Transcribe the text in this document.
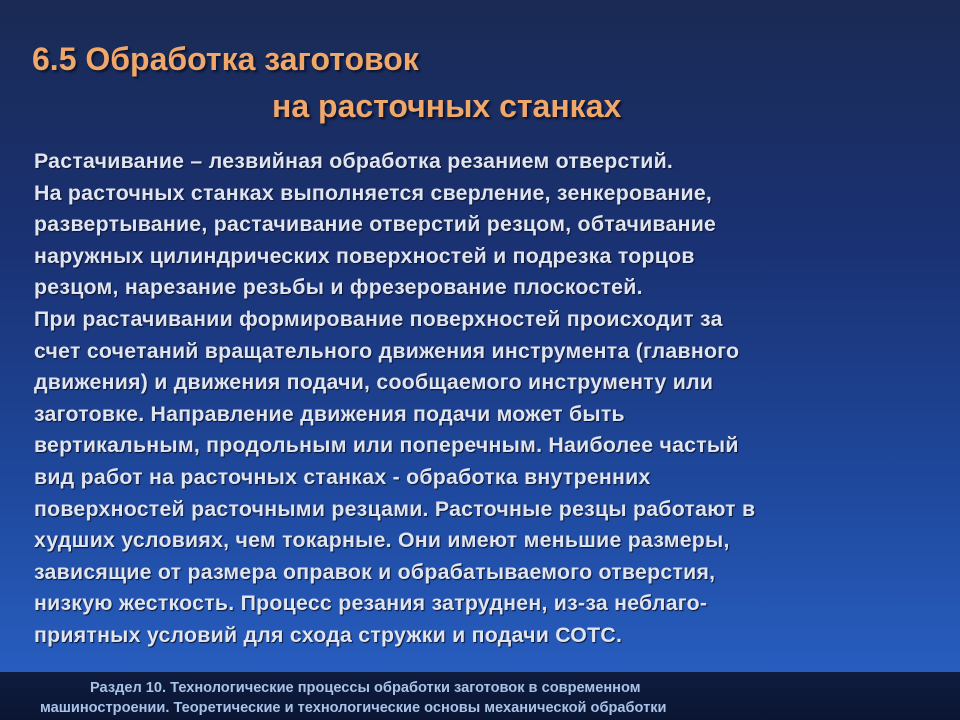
6.5 Обработка заготовок
на расточных станках
Растачивание – лезвийная обработка резанием отверстий.
На расточных станках выполняется сверление, зенкерование,
развертывание, растачивание отверстий резцом, обтачивание
наружных цилиндрических поверхностей и подрезка торцов
резцом, нарезание резьбы и фрезерование плоскостей.
При растачивании формирование поверхностей происходит за
счет сочетаний вращательного движения инструмента (главного
движения) и движения подачи, сообщаемого инструменту или
заготовке. Направление движения подачи может быть
вертикальным, продольным или поперечным. Наиболее частый
вид работ на расточных станках - обработка внутренних
поверхностей расточными резцами. Расточные резцы работают в
худших условиях, чем токарные. Они имеют меньшие размеры,
зависящие от размера оправок и обрабатываемого отверстия,
низкую жесткость. Процесс резания затруднен, из-за неблаго-
приятных условий для схода стружки и подачи СОТС.
Раздел 10. Технологические процессы обработки заготовок в современном
машиностроении. Теоретические и технологические основы механической обработки
